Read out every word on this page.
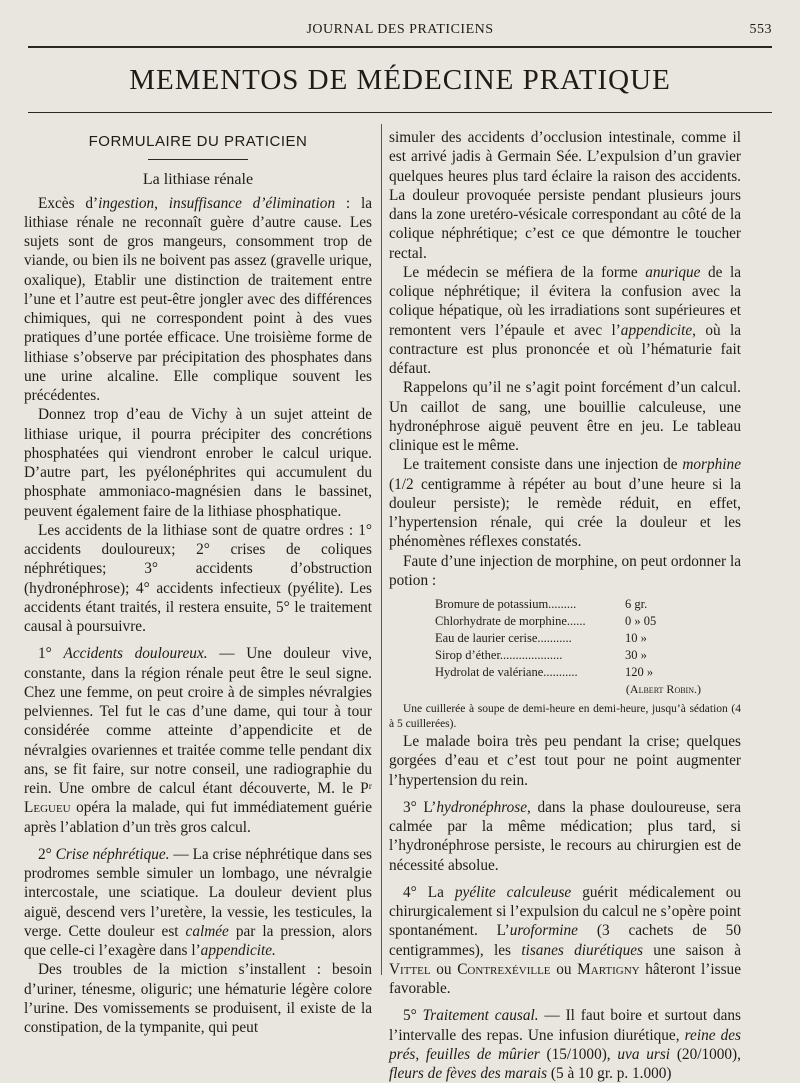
JOURNAL DES PRATICIENS	553
MEMENTOS DE MÉDECINE PRATIQUE
FORMULAIRE DU PRATICIEN
La lithiase rénale

Excès d’ingestion, insuffisance d’élimination : la lithiase rénale ne reconnaît guère d’autre cause. Les sujets sont de gros mangeurs, consomment trop de viande, ou bien ils ne boivent pas assez (gravelle urique, oxalique), Etablir une distinction de traitement entre l’une et l’autre est peut-être jongler avec des différences chimiques, qui ne correspondent point à des vues pratiques d’une portée efficace. Une troisième forme de lithiase s’observe par précipitation des phosphates dans une urine alcaline. Elle complique souvent les précédentes.

Donnez trop d’eau de Vichy à un sujet atteint de lithiase urique, il pourra précipiter des concrétions phosphatées qui viendront enrober le calcul urique. D’autre part, les pyélonéphrites qui accumulent du phosphate ammoniaco-magnésien dans le bassinet, peuvent également faire de la lithiase phosphatique.

Les accidents de la lithiase sont de quatre ordres : 1° accidents douloureux; 2° crises de coliques néphrétiques; 3° accidents d’obstruction (hydronéphrose); 4° accidents infectieux (pyélite). Les accidents étant traités, il restera ensuite, 5° le traitement causal à poursuivre.

1° Accidents douloureux. — Une douleur vive, constante, dans la région rénale peut être le seul signe. Chez une femme, on peut croire à de simples névralgies pelviennes. Tel fut le cas d’une dame, qui tour à tour considérée comme atteinte d’appendicite et de névralgies ovariennes et traitée comme telle pendant dix ans, se fit faire, sur notre conseil, une radiographie du rein. Une ombre de calcul étant découverte, M. le Pʳ Legueu opéra la malade, qui fut immédiatement guérie après l’ablation d’un très gros calcul.

2° Crise néphrétique. — La crise néphrétique dans ses prodromes semble simuler un lombago, une névralgie intercostale, une sciatique. La douleur devient plus aiguë, descend vers l’uretère, la vessie, les testicules, la verge. Cette douleur est calmée par la pression, alors que celle-ci l’exagère dans l’appendicite.

Des troubles de la miction s’installent : besoin d’uriner, ténesme, oliguric; une hématurie légère colore l’urine. Des vomissements se produisent, il existe de la constipation, de la tympanite, qui peut

simuler des accidents d’occlusion intestinale, comme il est arrivé jadis à Germain Sée. L’expulsion d’un gravier quelques heures plus tard éclaire la raison des accidents. La douleur provoquée persiste pendant plusieurs jours dans la zone uretéro-vésicale correspondant au côté de la colique néphrétique; c’est ce que démontre le toucher rectal.

Le médecin se méfiera de la forme anurique de la colique néphrétique; il évitera la confusion avec la colique hépatique, où les irradiations sont supérieures et remontent vers l’épaule et avec l’appendicite, où la contracture est plus prononcée et où l’hématurie fait défaut.

Rappelons qu’il ne s’agit point forcément d’un calcul. Un caillot de sang, une bouillie calculeuse, une hydronéphrose aiguë peuvent être en jeu. Le tableau clinique est le même.

Le traitement consiste dans une injection de morphine (1/2 centigramme à répéter au bout d’une heure si la douleur persiste); le remède réduit, en effet, l’hypertension rénale, qui crée la douleur et les phénomènes réflexes constatés.

Faute d’une injection de morphine, on peut ordonner la potion :

Bromure de potassium.........	6 gr.
Chlorhydrate de morphine......	0 » 05
Eau de laurier cerise...........	10 »
Sirop d’éther....................	30 »
Hydrolat de valériane...........	120 »
(Albert Robin.)

Une cuillerée à soupe de demi-heure en demi-heure, jusqu’à sédation (4 à 5 cuillerées).

Le malade boira très peu pendant la crise; quelques gorgées d’eau et c’est tout pour ne point augmenter l’hypertension du rein.

3° L’hydronéphrose, dans la phase douloureuse, sera calmée par la même médication; plus tard, si l’hydronéphrose persiste, le recours au chirurgien est de nécessité absolue.

4° La pyélite calculeuse guérit médicalement ou chirurgicalement si l’expulsion du calcul ne s’opère point spontanément. L’uroformine (3 cachets de 50 centigrammes), les tisanes diurétiques une saison à Vittel ou Contrexéville ou Martigny hâteront l’issue favorable.

5° Traitement causal. — Il faut boire et surtout dans l’intervalle des repas. Une infusion diurétique, reine des prés, feuilles de mûrier (15/1000), uva ursi (20/1000), fleurs de fèves des marais (5 à 10 gr. p. 1.000)
